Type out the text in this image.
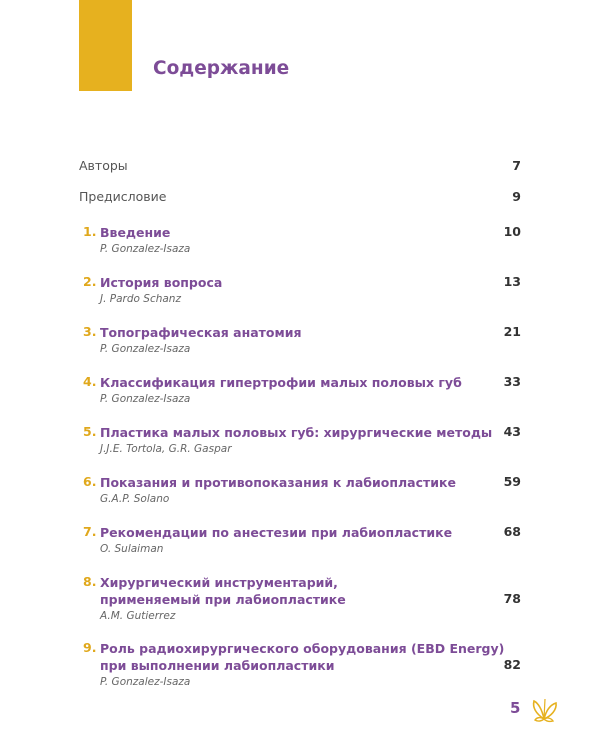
Содержание
Авторы	7
Предисловие	9
1. Введение
P. Gonzalez-Isaza
10
2. История вопроса
J. Pardo Schanz
13
3. Топографическая анатомия
P. Gonzalez-Isaza
21
4. Классификация гипертрофии малых половых губ
P. Gonzalez-Isaza
33
5. Пластика малых половых губ: хирургические методы
J.J.E. Tortola, G.R. Gaspar
43
6. Показания и противопоказания к лабиопластике
G.A.P. Solano
59
7. Рекомендации по анестезии при лабиопластике
O. Sulaiman
68
8. Хирургический инструментарий,
применяемый при лабиопластике
A.M. Gutierrez
78
9. Роль радиохирургического оборудования (EBD Energy)
при выполнении лабиопластики
P. Gonzalez-Isaza
82
5
